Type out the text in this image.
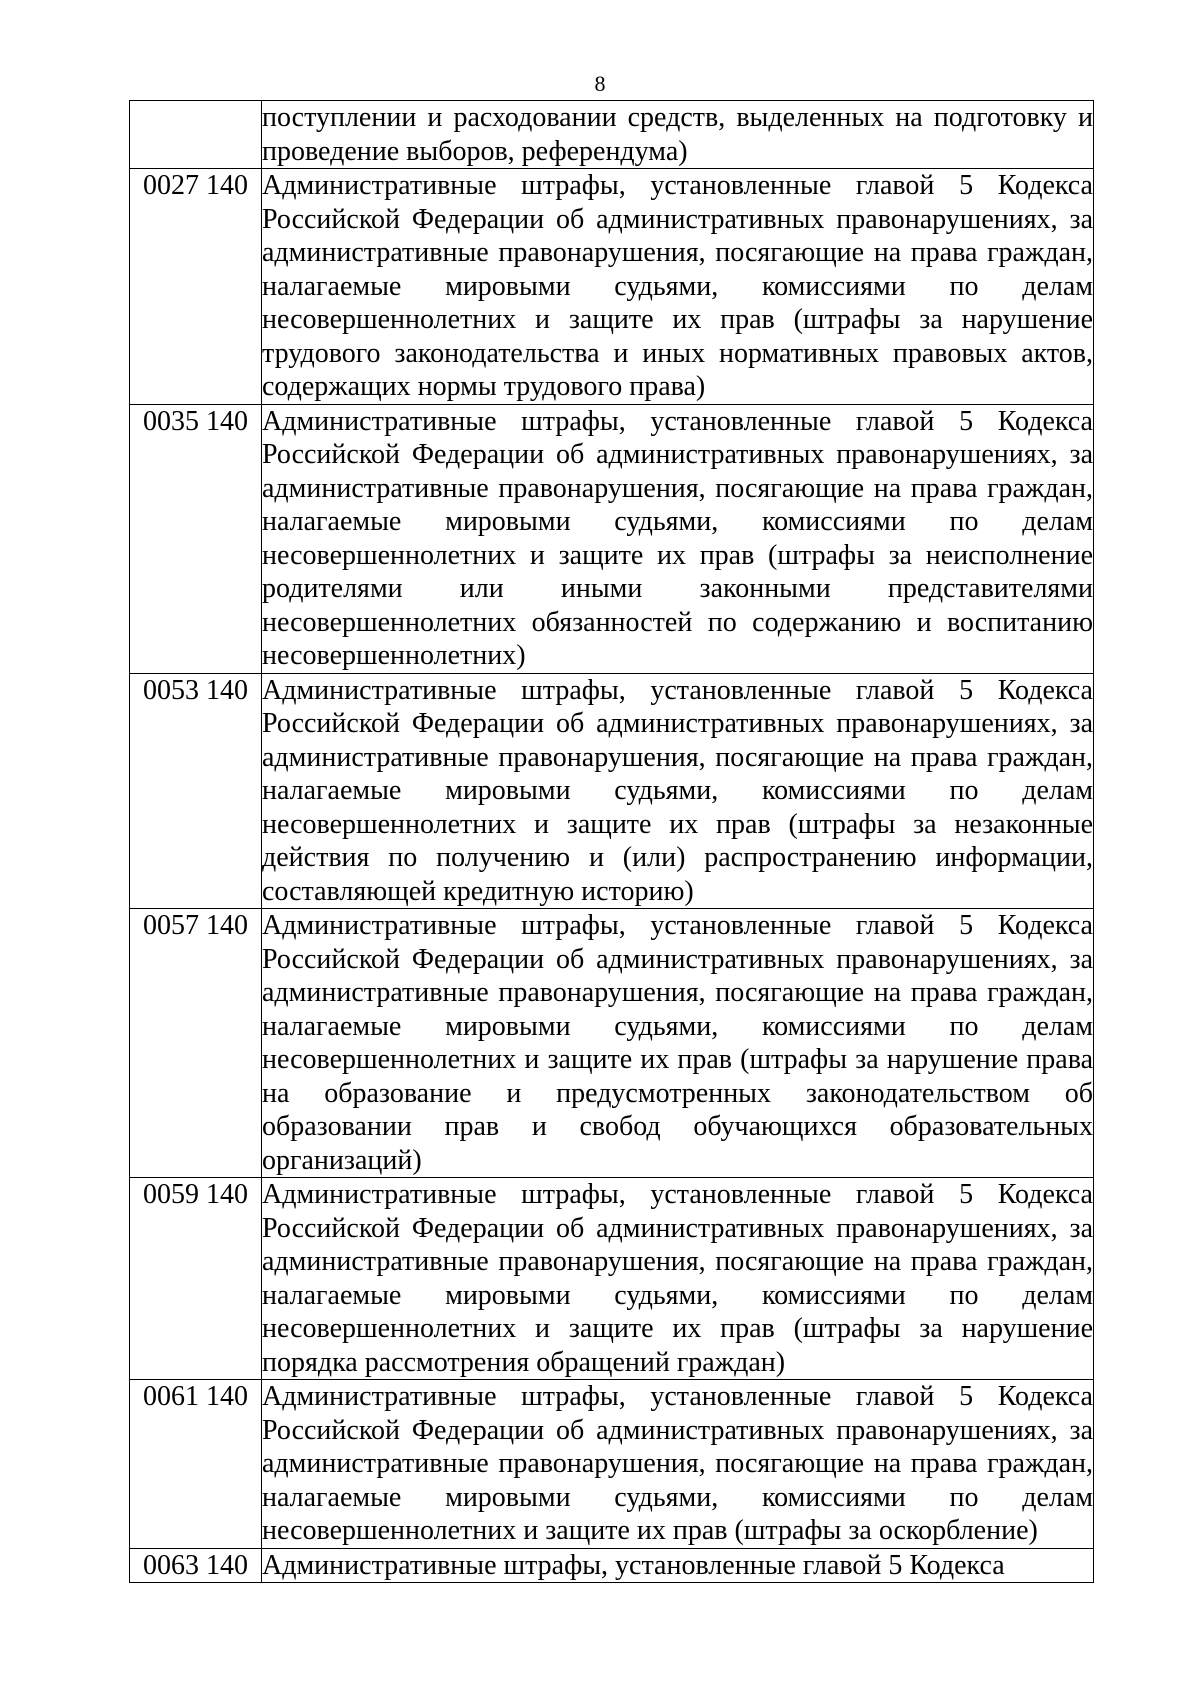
8
	поступлении и расходовании средств, выделенных на подготовку и проведение выборов, референдума)
0027 140	Административные штрафы, установленные главой 5 Кодекса Российской Федерации об административных правонарушениях, за административные правонарушения, посягающие на права граждан, налагаемые мировыми судьями, комиссиями по делам несовершеннолетних и защите их прав (штрафы за нарушение трудового законодательства и иных нормативных правовых актов, содержащих нормы трудового права)
0035 140	Административные штрафы, установленные главой 5 Кодекса Российской Федерации об административных правонарушениях, за административные правонарушения, посягающие на права граждан, налагаемые мировыми судьями, комиссиями по делам несовершеннолетних и защите их прав (штрафы за неисполнение родителями или иными законными представителями несовершеннолетних обязанностей по содержанию и воспитанию несовершеннолетних)
0053 140	Административные штрафы, установленные главой 5 Кодекса Российской Федерации об административных правонарушениях, за административные правонарушения, посягающие на права граждан, налагаемые мировыми судьями, комиссиями по делам несовершеннолетних и защите их прав (штрафы за незаконные действия по получению и (или) распространению информации, составляющей кредитную историю)
0057 140	Административные штрафы, установленные главой 5 Кодекса Российской Федерации об административных правонарушениях, за административные правонарушения, посягающие на права граждан, налагаемые мировыми судьями, комиссиями по делам несовершеннолетних и защите их прав (штрафы за нарушение права на образование и предусмотренных законодательством об образовании прав и свобод обучающихся образовательных организаций)
0059 140	Административные штрафы, установленные главой 5 Кодекса Российской Федерации об административных правонарушениях, за административные правонарушения, посягающие на права граждан, налагаемые мировыми судьями, комиссиями по делам несовершеннолетних и защите их прав (штрафы за нарушение порядка рассмотрения обращений граждан)
0061 140	Административные штрафы, установленные главой 5 Кодекса Российской Федерации об административных правонарушениях, за административные правонарушения, посягающие на права граждан, налагаемые мировыми судьями, комиссиями по делам несовершеннолетних и защите их прав (штрафы за оскорбление)
0063 140	Административные штрафы, установленные главой 5 Кодекса
